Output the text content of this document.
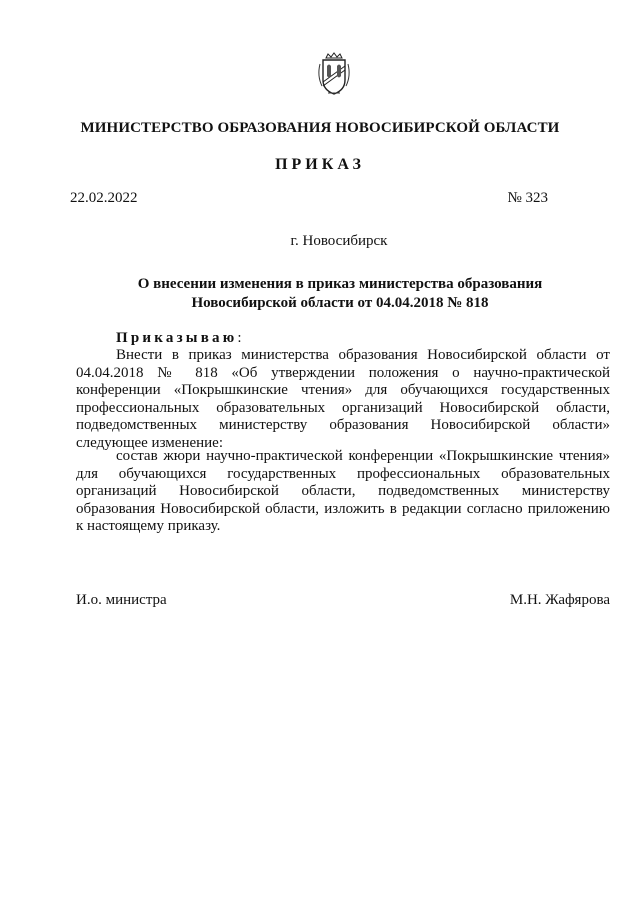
МИНИСТЕРСТВО ОБРАЗОВАНИЯ НОВОСИБИРСКОЙ ОБЛАСТИ
ПРИКАЗ
22.02.2022	№ 323
г. Новосибирск
О внесении изменения в приказ министерства образования
Новосибирской области от 04.04.2018 № 818
Приказываю:
Внести в приказ министерства образования Новосибирской области от 04.04.2018 № 818 «Об утверждении положения о научно-практической конференции «Покрышкинские чтения» для обучающихся государственных профессиональных образовательных организаций Новосибирской области, подведомственных министерству образования Новосибирской области» следующее изменение:
состав жюри научно-практической конференции «Покрышкинские чтения» для обучающихся государственных профессиональных образовательных организаций Новосибирской области, подведомственных министерству образования Новосибирской области, изложить в редакции согласно приложению к настоящему приказу.
И.о. министра	М.Н. Жафярова
